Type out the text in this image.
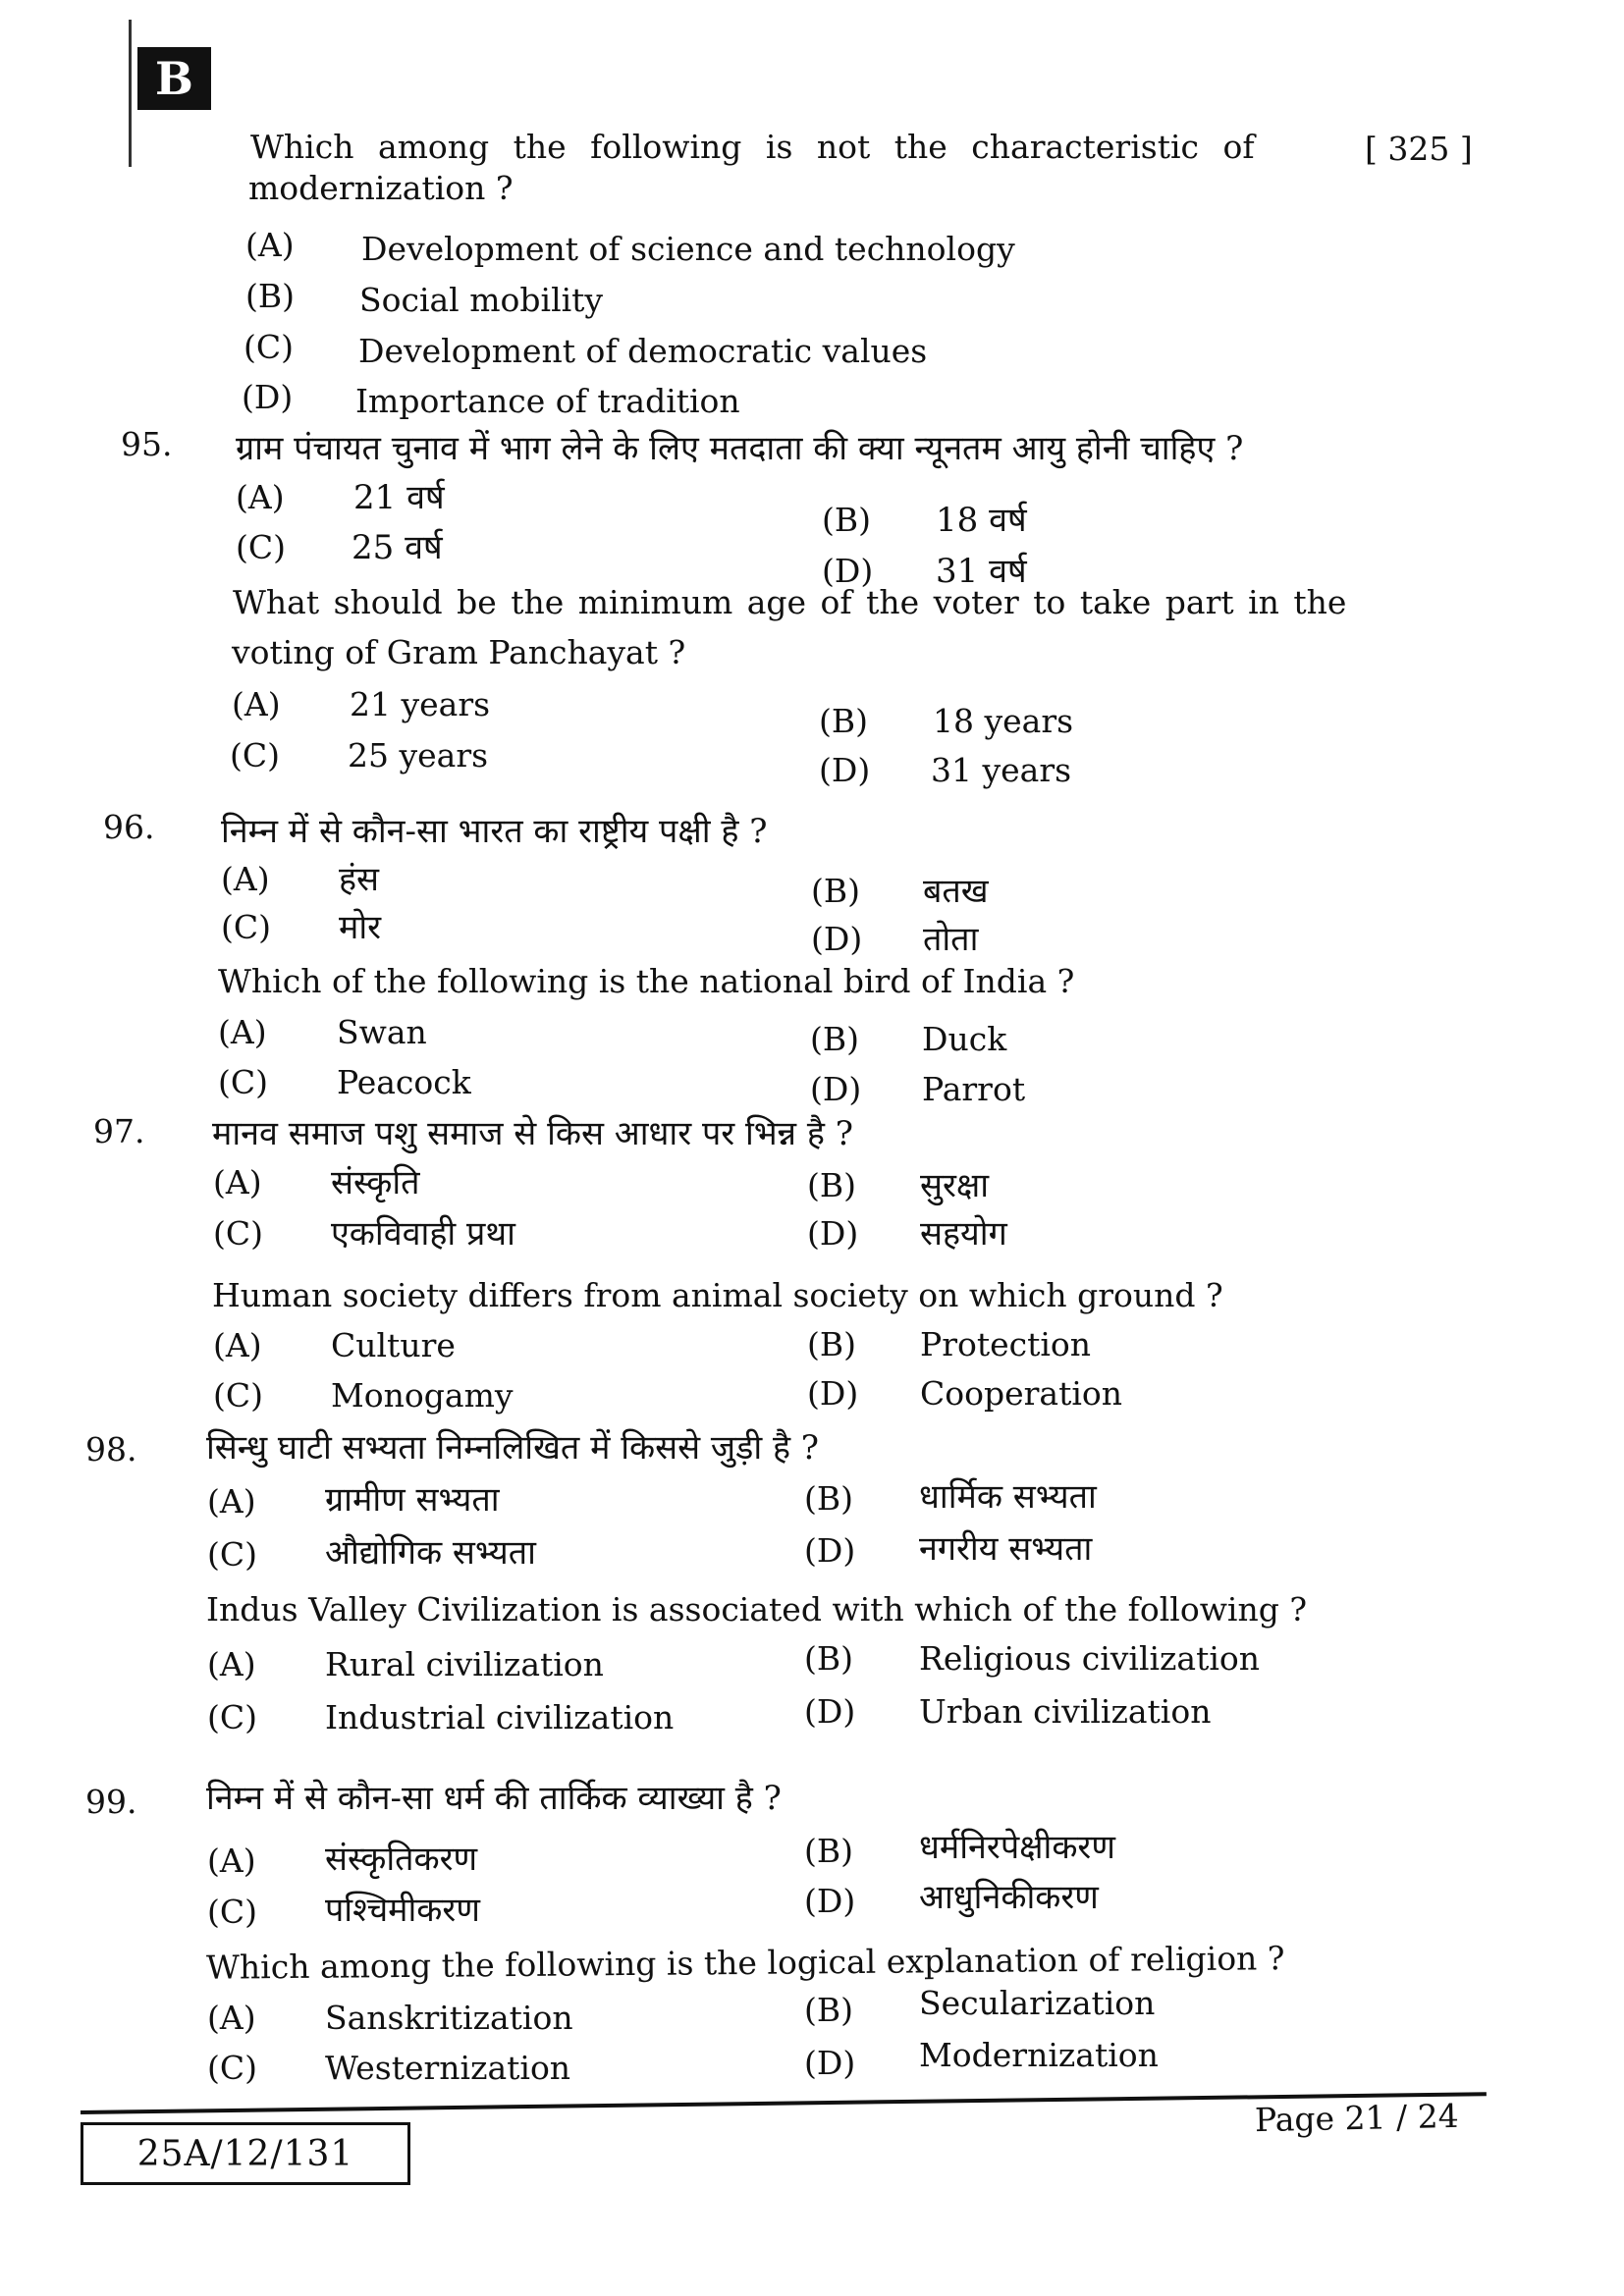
B
Which among the following is not the characteristic of	[ 325 ]
modernization ?
(A) Development of science and technology
(B) Social mobility
(C) Development of democratic values
(D) Importance of tradition
95. ग्राम पंचायत चुनाव में भाग लेने के लिए मतदाता की क्या न्यूनतम आयु होनी चाहिए ?
(A) 21 वर्ष
(B) 18 वर्ष
(C) 25 वर्ष
(D) 31 वर्ष
What should be the minimum age of the voter to take part in the
voting of Gram Panchayat ?
(A) 21 years	(B) 18 years
(C) 25 years	(D) 31 years
96. निम्न में से कौन-सा भारत का राष्ट्रीय पक्षी है ?
(A) हंस	(B) बतख
(C) मोर	(D) तोता
Which of the following is the national bird of India ?
(A) Swan	(B) Duck
(C) Peacock	(D) Parrot
97. मानव समाज पशु समाज से किस आधार पर भिन्न है ?
(A) संस्कृति	(B) सुरक्षा
(C) एकविवाही प्रथा	(D) सहयोग
Human society differs from animal society on which ground ?
(A) Culture	(B) Protection
(C) Monogamy	(D) Cooperation
98. सिन्धु घाटी सभ्यता निम्नलिखित में किससे जुड़ी है ?
(A) ग्रामीण सभ्यता	(B) धार्मिक सभ्यता
(C) औद्योगिक सभ्यता	(D) नगरीय सभ्यता
Indus Valley Civilization is associated with which of the following ?
(A) Rural civilization	(B) Religious civilization
(C) Industrial civilization	(D) Urban civilization
99. निम्न में से कौन-सा धर्म की तार्किक व्याख्या है ?
(A) संस्कृतिकरण	(B) धर्मनिरपेक्षीकरण
(C) पश्चिमीकरण	(D) आधुनिकीकरण
Which among the following is the logical explanation of religion ?
(A) Sanskritization	(B) Secularization
(C) Westernization	(D) Modernization
25A/12/131
Page 21 / 24
